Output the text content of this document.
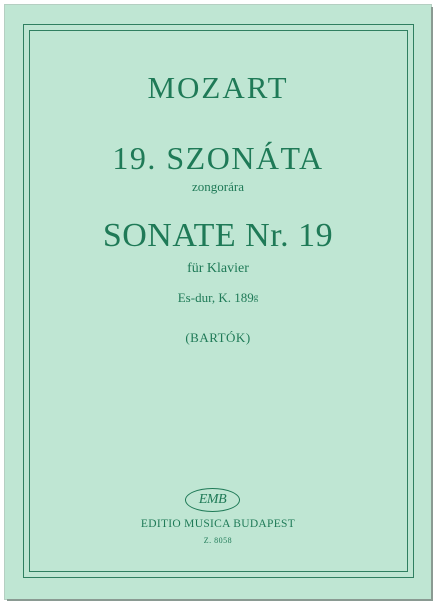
MOZART
19. SZONÁTA
zongorára
SONATE Nr. 19
für Klavier
Es-dur, K. 189$^g$
(BARTÓK)
EMB
EDITIO MUSICA BUDAPEST
Z. 8058
